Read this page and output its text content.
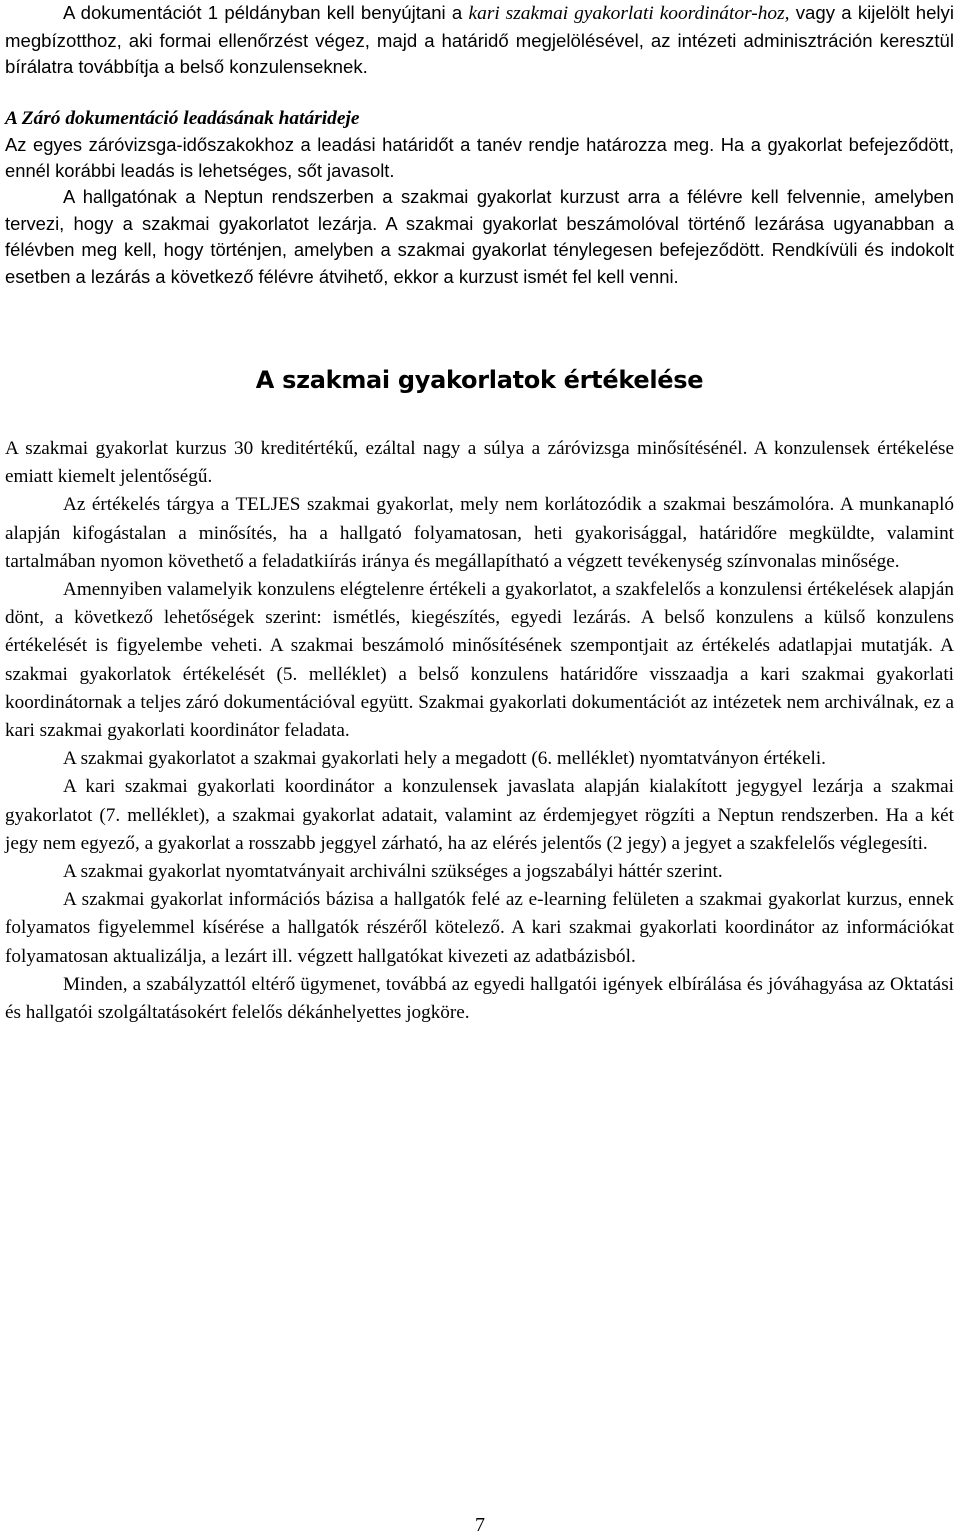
A dokumentációt 1 példányban kell benyújtani a kari szakmai gyakorlati koordinátor-hoz, vagy a kijelölt helyi megbízotthoz, aki formai ellenőrzést végez, majd a határidő megjelölésével, az intézeti adminisztráción keresztül bírálatra továbbítja a belső konzulenseknek.

A Záró dokumentáció leadásának határideje

Az egyes záróvizsga-időszakokhoz a leadási határidőt a tanév rendje határozza meg. Ha a gyakorlat befejeződött, ennél korábbi leadás is lehetséges, sőt javasolt.

A hallgatónak a Neptun rendszerben a szakmai gyakorlat kurzust arra a félévre kell felvennie, amelyben tervezi, hogy a szakmai gyakorlatot lezárja. A szakmai gyakorlat beszámolóval történő lezárása ugyanabban a félévben meg kell, hogy történjen, amelyben a szakmai gyakorlat ténylegesen befejeződött. Rendkívüli és indokolt esetben a lezárás a következő félévre átvihető, ekkor a kurzust ismét fel kell venni.

A szakmai gyakorlatok értékelése

A szakmai gyakorlat kurzus 30 kreditértékű, ezáltal nagy a súlya a záróvizsga minősítésénél. A konzulensek értékelése emiatt kiemelt jelentőségű.

Az értékelés tárgya a TELJES szakmai gyakorlat, mely nem korlátozódik a szakmai beszámolóra. A munkanapló alapján kifogástalan a minősítés, ha a hallgató folyamatosan, heti gyakorisággal, határidőre megküldte, valamint tartalmában nyomon követhető a feladatkiírás iránya és megállapítható a végzett tevékenység színvonalas minősége.

Amennyiben valamelyik konzulens elégtelenre értékeli a gyakorlatot, a szakfelelős a konzulensi értékelések alapján dönt, a következő lehetőségek szerint: ismétlés, kiegészítés, egyedi lezárás. A belső konzulens a külső konzulens értékelését is figyelembe veheti. A szakmai beszámoló minősítésének szempontjait az értékelés adatlapjai mutatják. A szakmai gyakorlatok értékelését (5. melléklet) a belső konzulens határidőre visszaadja a kari szakmai gyakorlati koordinátornak a teljes záró dokumentációval együtt. Szakmai gyakorlati dokumentációt az intézetek nem archiválnak, ez a kari szakmai gyakorlati koordinátor feladata.

A szakmai gyakorlatot a szakmai gyakorlati hely a megadott (6. melléklet) nyomtatványon értékeli.

A kari szakmai gyakorlati koordinátor a konzulensek javaslata alapján kialakított jegygyel lezárja a szakmai gyakorlatot (7. melléklet), a szakmai gyakorlat adatait, valamint az érdemjegyet rögzíti a Neptun rendszerben. Ha a két jegy nem egyező, a gyakorlat a rosszabb jeggyel zárható, ha az elérés jelentős (2 jegy) a jegyet a szakfelelős véglegesíti.

A szakmai gyakorlat nyomtatványait archiválni szükséges a jogszabályi háttér szerint.

A szakmai gyakorlat információs bázisa a hallgatók felé az e-learning felületen a szakmai gyakorlat kurzus, ennek folyamatos figyelemmel kísérése a hallgatók részéről kötelező. A kari szakmai gyakorlati koordinátor az információkat folyamatosan aktualizálja, a lezárt ill. végzett hallgatókat kivezeti az adatbázisból.

Minden, a szabályzattól eltérő ügymenet, továbbá az egyedi hallgatói igények elbírálása és jóváhagyása az Oktatási és hallgatói szolgáltatásokért felelős dékánhelyettes jogköre.

7
